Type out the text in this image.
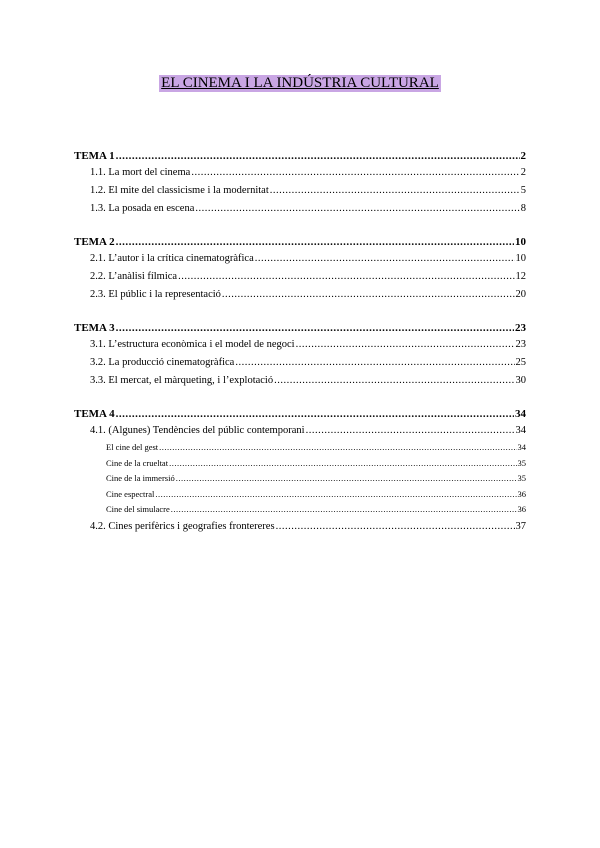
EL CINEMA I LA INDÚSTRIA CULTURAL
TEMA 1 .....	2
1.1. La mort del cinema .....	2
1.2. El mite del classicisme i la modernitat .....	5
1.3. La posada en escena .....	8
TEMA 2 .....	10
2.1. L’autor i la crítica cinematogràfica .....	10
2.2. L’anàlisi fílmica .....	12
2.3. El públic i la representació .....	20
TEMA 3 .....	23
3.1. L’estructura econòmica i el model de negoci .....	23
3.2. La producció cinematogràfica .....	25
3.3. El mercat, el màrqueting, i l’explotació .....	30
TEMA 4 .....	34
4.1. (Algunes) Tendències del públic contemporani .....	34
El cine del gest .....	34
Cine de la crueltat .....	35
Cine de la immersió .....	35
Cine espectral .....	36
Cine del simulacre .....	36
4.2. Cines perifèrics i geografies frontereres .....	37
